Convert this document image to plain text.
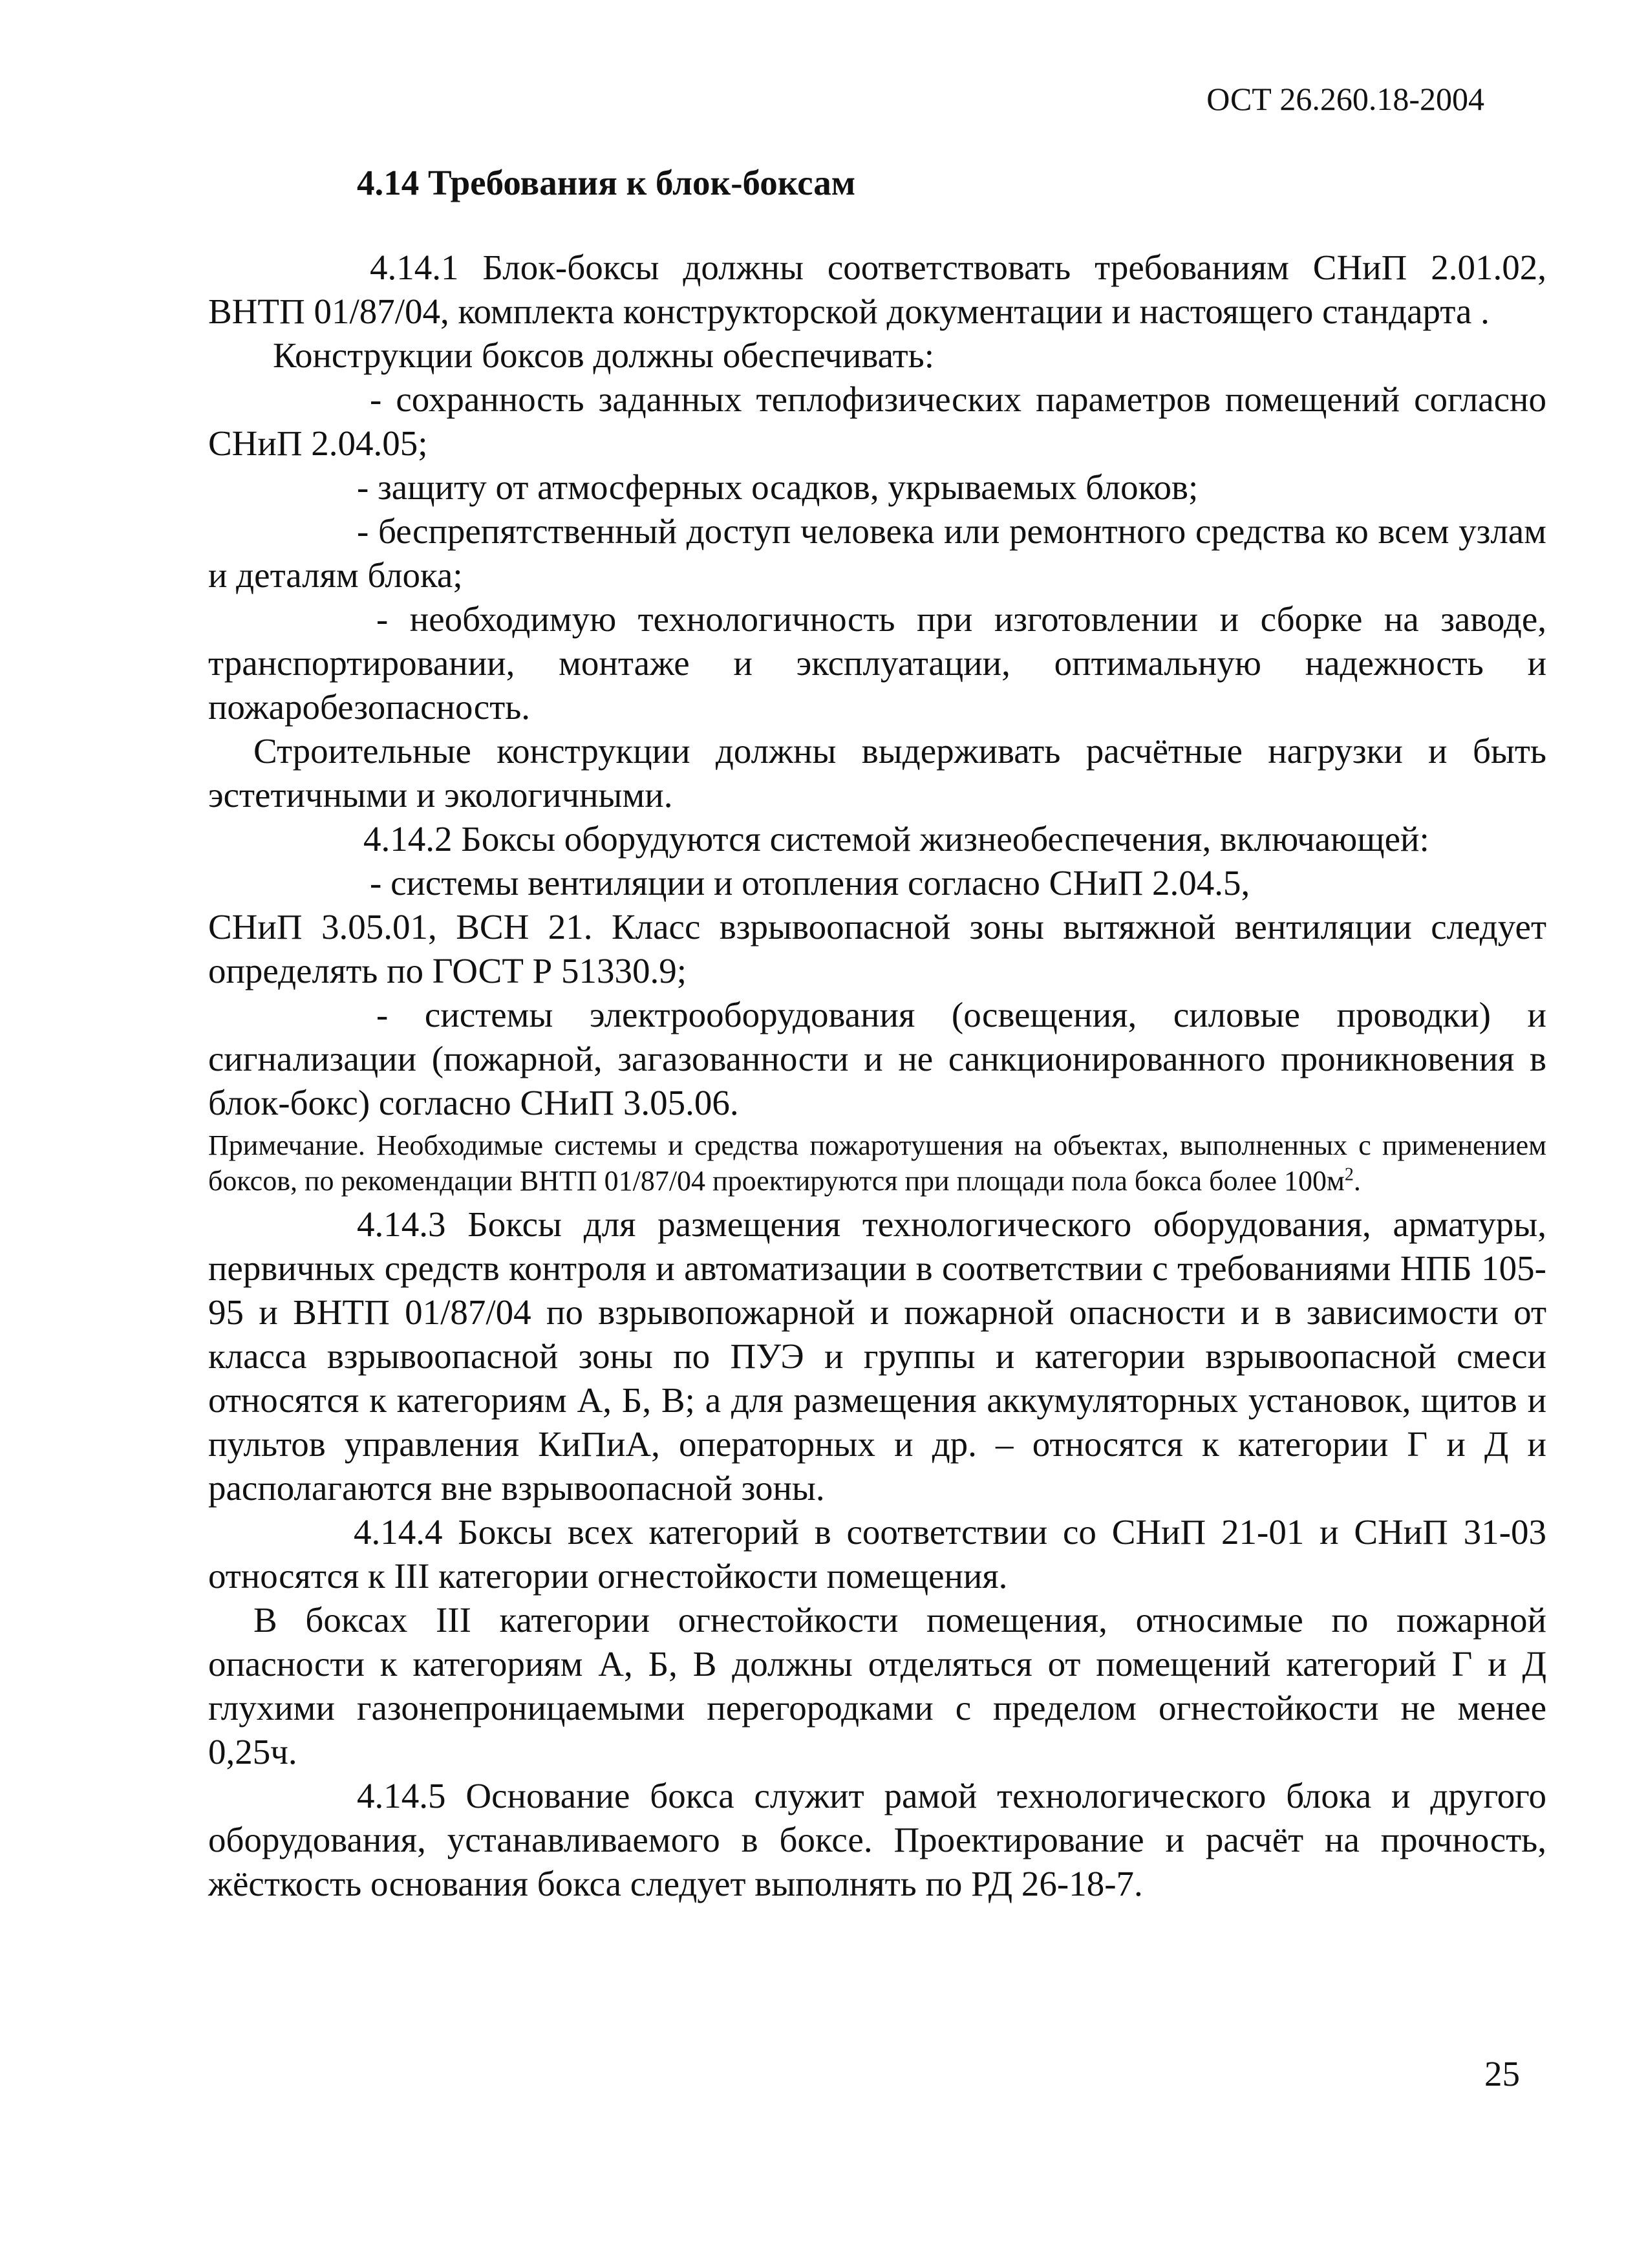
ОСТ 26.260.18-2004
4.14 Требования к блок-боксам

4.14.1 Блок-боксы должны соответствовать требованиям СНиП 2.01.02, ВНТП 01/87/04, комплекта конструкторской документации и настоящего стандарта .

Конструкции боксов должны обеспечивать:

- сохранность заданных теплофизических параметров помещений согласно СНиП 2.04.05;

- защиту от атмосферных осадков, укрываемых блоков;

- беспрепятственный доступ человека или ремонтного средства ко всем узлам и деталям блока;

- необходимую технологичность при изготовлении и сборке на заводе, транспортировании, монтаже и эксплуатации, оптимальную надежность и пожаробезопасность.

Строительные конструкции должны выдерживать расчётные нагрузки и быть эстетичными и экологичными.

4.14.2 Боксы оборудуются системой жизнеобеспечения, включающей:

- системы вентиляции и отопления согласно СНиП 2.04.5,

СНиП 3.05.01, ВСН 21. Класс взрывоопасной зоны вытяжной вентиляции следует определять по ГОСТ Р 51330.9;

- системы электрооборудования (освещения, силовые проводки) и сигнализации (пожарной, загазованности и не санкционированного проникновения в блок-бокс) согласно СНиП 3.05.06.

Примечание. Необходимые системы и средства пожаротушения на объектах, выполненных с применением боксов, по рекомендации ВНТП 01/87/04 проектируются при площади пола бокса более $100м^2$.

4.14.3 Боксы для размещения технологического оборудования, арматуры, первичных средств контроля и автоматизации в соответствии с требованиями НПБ 105-95 и ВНТП 01/87/04 по взрывопожарной и пожарной опасности и в зависимости от класса взрывоопасной зоны по ПУЭ и группы и категории взрывоопасной смеси относятся к категориям А, Б, В; а для размещения аккумуляторных установок, щитов и пультов управления КиПиА, операторных и др. – относятся к категории Г и Д и располагаются вне взрывоопасной зоны.

4.14.4 Боксы всех категорий в соответствии со СНиП 21-01 и СНиП 31-03 относятся к III категории огнестойкости помещения.

В боксах III категории огнестойкости помещения, относимые по пожарной опасности к категориям А, Б, В должны отделяться от помещений категорий Г и Д глухими газонепроницаемыми перегородками с пределом огнестойкости не менее 0,25ч.

4.14.5 Основание бокса служит рамой технологического блока и другого оборудования, устанавливаемого в боксе. Проектирование и расчёт на прочность, жёсткость основания бокса следует выполнять по РД 26-18-7.

25
